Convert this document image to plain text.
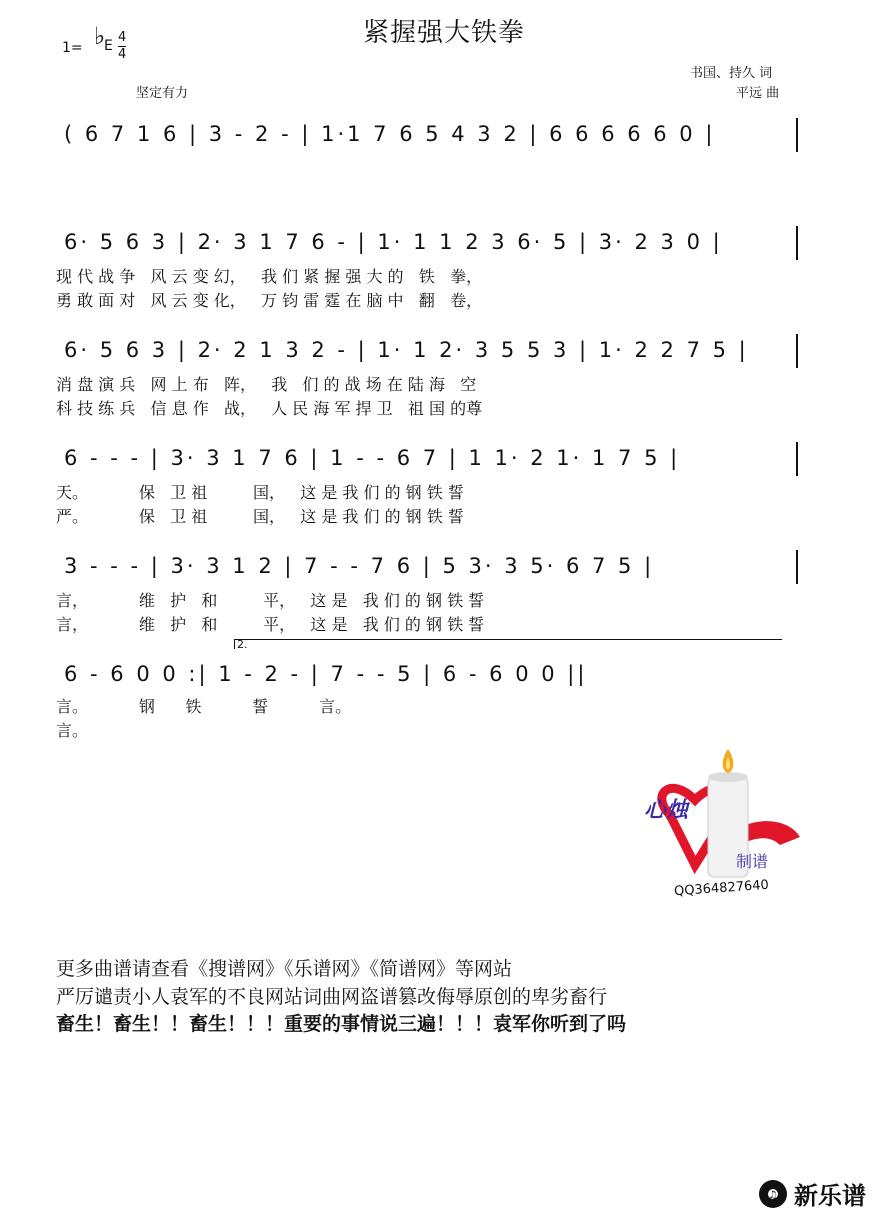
紧握强大铁拳
1= ♭
E
4
4
坚定有力
书国、持久 词
平远 曲
( 6 7 1 6 | 3 - 2 - | 1·1 7 6 5 4 3 2 | 6 6 6 6 6 0 |
6· 5 6 3 | 2· 3 1 7 6 - | 1· 1 1 2 3 6· 5 | 3· 2 3 0 |
现 代 战 争   风 云 变 幻，   我 们 紧 握 强 大 的   铁   拳，
勇 敢 面 对   风 云 变 化，   万 钧 雷 霆 在 脑 中   翻   卷，
6· 5 6 3 | 2· 2 1 3 2 - | 1· 1 2· 3 5 5 3 | 1· 2 2 7 5 |
消 盘 演 兵   网 上 布   阵，   我   们 的 战 场 在 陆 海   空
科 技 练 兵   信 息 作   战，   人 民 海 军 捍 卫   祖 国 的尊
6 - - - | 3· 3 1 7 6 | 1 - - 6 7 | 1 1· 2 1· 1 7 5 |
天。          保   卫 祖         国，   这 是 我 们 的 钢 铁 誓
严。          保   卫 祖         国，   这 是 我 们 的 钢 铁 誓
3 - - - | 3· 3 1 2 | 7 - - 7 6 | 5 3· 3 5· 6 7 5 |
言，          维   护   和         平，   这 是   我 们 的 钢 铁 誓
言，          维   护   和         平，   这 是   我 们 的 钢 铁 誓
2.
6 - 6 0 0 :| 1 - 2 - | 7 - - 5 | 6 - 6 0 0 ||
言。          钢      铁          誓          言。
言。
心烛
制谱
QQ364827640
更多曲谱请查看《搜谱网》《乐谱网》《简谱网》等网站
严厉谴责小人袁军的不良网站词曲网盗谱篡改侮辱原创的卑劣畜行
畜生！畜生！！畜生！！！重要的事情说三遍！！！袁军你听到了吗
♫ 新乐谱
